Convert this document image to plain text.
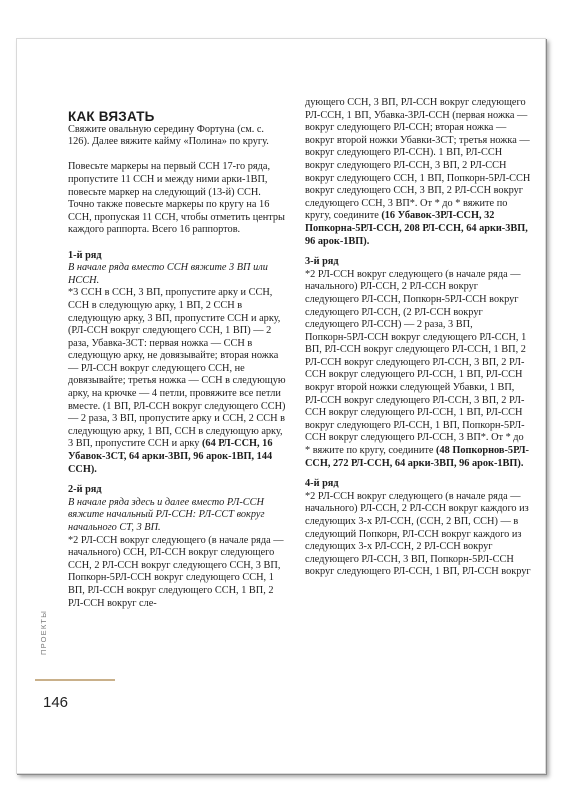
КАК ВЯЗАТЬ

Свяжите овальную середину Фортуна (см. с. 126). Далее вяжите кайму «Полина» по кругу.

Повесьте маркеры на первый ССН 17-го ряда, пропустите 11 ССН и между ними арки-1ВП, повесьте маркер на следующий (13-й) ССН. Точно также повесьте маркеры по кругу на 16 ССН, пропуская 11 ССН, чтобы отметить центры каждого раппорта. Всего 16 раппортов.

1-й ряд

В начале ряда вместо ССН вяжите 3 ВП или НССН.

*3 ССН в ССН, 3 ВП, пропустите арку и ССН, ССН в следующую арку, 1 ВП, 2 ССН в следующую арку, 3 ВП, пропустите ССН и арку, (РЛ-ССН вокруг следующего ССН, 1 ВП) — 2 раза, Убавка-3СТ: первая ножка — ССН в следующую арку, не довязывайте; вторая ножка — РЛ-ССН вокруг следующего ССН, не довязывайте; третья ножка — ССН в следующую арку, на крючке — 4 петли, провяжите все петли вместе. (1 ВП, РЛ-ССН вокруг следующего ССН) — 2 раза, 3 ВП, пропустите арку и ССН, 2 ССН в следующую арку, 1 ВП, ССН в следующую арку, 3 ВП, пропустите ССН и арку (64 РЛ-ССН, 16 Убавок-3СТ, 64 арки-3ВП, 96 арок-1ВП, 144 ССН).

2-й ряд

В начале ряда здесь и далее вместо РЛ-ССН вяжите начальный РЛ-ССН: РЛ-ССТ вокруг начального СТ, 3 ВП.

*2 РЛ-ССН вокруг следующего (в начале ряда — начального) ССН, РЛ-ССН вокруг следующего ССН, 2 РЛ-ССН вокруг следующего ССН, 3 ВП, Попкорн-5РЛ-ССН вокруг следующего ССН, 1 ВП, РЛ-ССН вокруг следующего ССН, 1 ВП, 2 РЛ-ССН вокруг сле-

дующего ССН, 3 ВП, РЛ-ССН вокруг следующего РЛ-ССН, 1 ВП, Убавка-3РЛ-ССН (первая ножка — вокруг следующего РЛ-ССН; вторая ножка — вокруг второй ножки Убавки-3СТ; третья ножка — вокруг следующего РЛ-ССН). 1 ВП, РЛ-ССН вокруг следующего РЛ-ССН, 3 ВП, 2 РЛ-ССН вокруг следующего ССН, 1 ВП, Попкорн-5РЛ-ССН вокруг следующего ССН, 3 ВП, 2 РЛ-ССН вокруг следующего ССН, 3 ВП*. От * до * вяжите по кругу, соедините (16 Убавок-3РЛ-ССН, 32 Попкорна-5РЛ-ССН, 208 РЛ-ССН, 64 арки-3ВП, 96 арок-1ВП).

3-й ряд

*2 РЛ-ССН вокруг следующего (в начале ряда — начального) РЛ-ССН, 2 РЛ-ССН вокруг следующего РЛ-ССН, Попкорн-5РЛ-ССН вокруг следующего РЛ-ССН, (2 РЛ-ССН вокруг следующего РЛ-ССН) — 2 раза, 3 ВП, Попкорн-5РЛ-ССН вокруг следующего РЛ-ССН, 1 ВП, РЛ-ССН вокруг следующего РЛ-ССН, 1 ВП, 2 РЛ-ССН вокруг следующего РЛ-ССН, 3 ВП, 2 РЛ-ССН вокруг следующего РЛ-ССН, 1 ВП, РЛ-ССН вокруг второй ножки следующей Убавки, 1 ВП, РЛ-ССН вокруг следующего РЛ-ССН, 3 ВП, 2 РЛ-ССН вокруг следующего РЛ-ССН, 1 ВП, РЛ-ССН вокруг следующего РЛ-ССН, 1 ВП, Попкорн-5РЛ-ССН вокруг следующего РЛ-ССН, 3 ВП*. От * до * вяжите по кругу, соедините (48 Попкорнов-5РЛ-ССН, 272 РЛ-ССН, 64 арки-3ВП, 96 арок-1ВП).

4-й ряд

*2 РЛ-ССН вокруг следующего (в начале ряда — начального) РЛ-ССН, 2 РЛ-ССН вокруг каждого из следующих 3-х РЛ-ССН, (ССН, 2 ВП, ССН) — в следующий Попкорн, РЛ-ССН вокруг каждого из следующих 3-х РЛ-ССН, 2 РЛ-ССН вокруг следующего РЛ-ССН, 3 ВП, Попкорн-5РЛ-ССН вокруг следующего РЛ-ССН, 1 ВП, РЛ-ССН вокруг

ПРОЕКТЫ
146
